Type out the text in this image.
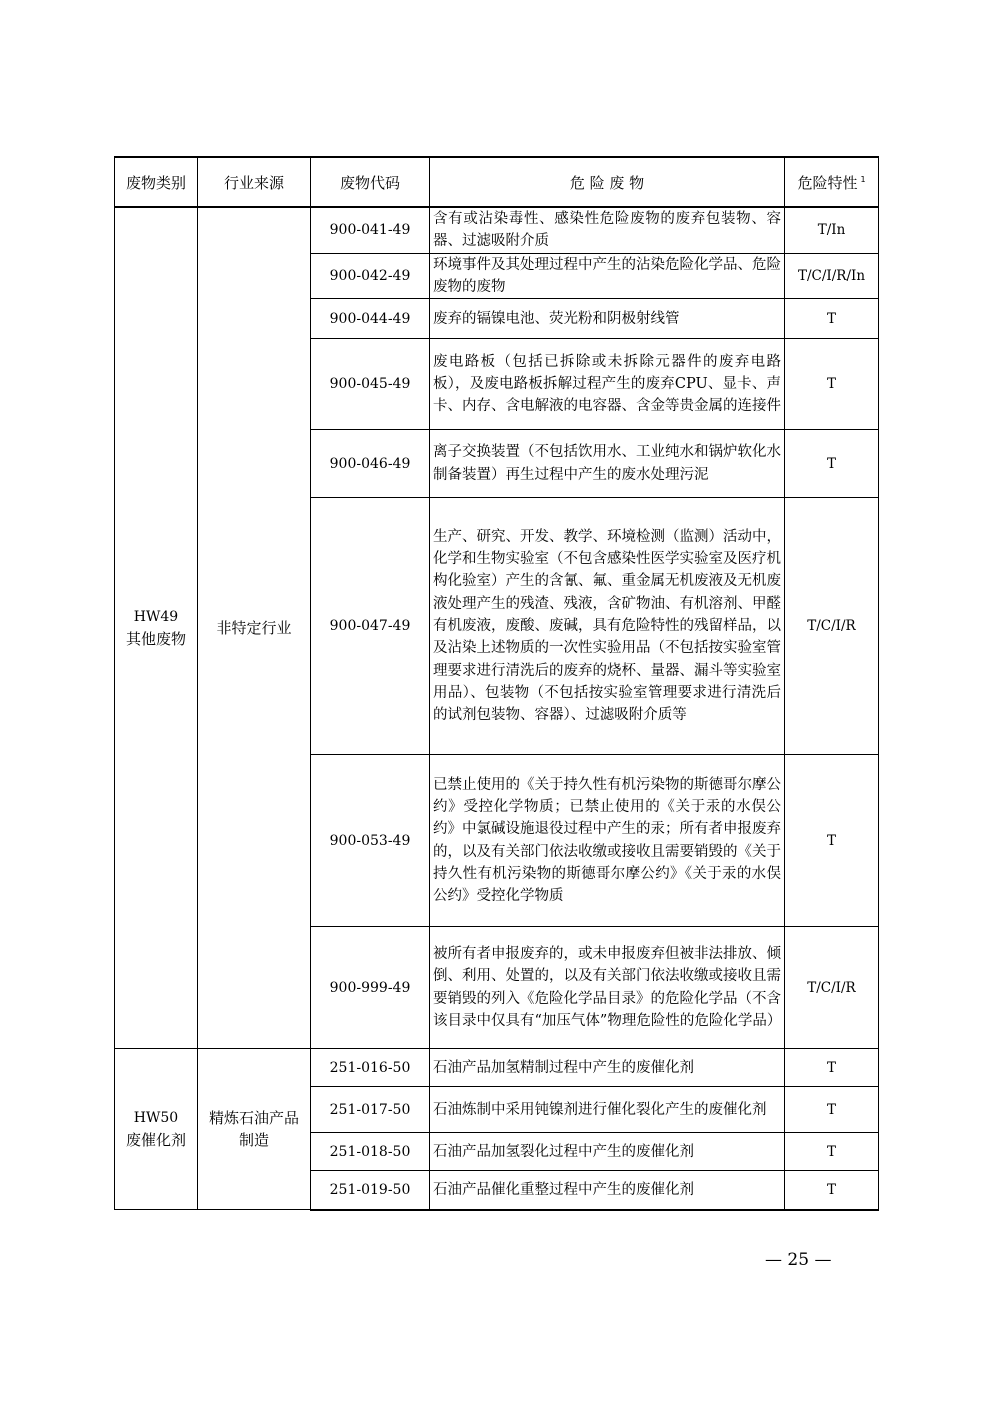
废物类别	行业来源	废物代码	危 险 废 物	危险特性 $^1$

HW49
其他废物	非特定行业	900-041-49	含有或沾染毒性、感染性危险废物的废弃包装物、容器、过滤吸附介质	T/In
		900-042-49	环境事件及其处理过程中产生的沾染危险化学品、危险废物的废物	T/C/I/R/In
		900-044-49	废弃的镉镍电池、荧光粉和阴极射线管	T
		900-045-49	废电路板（包括已拆除或未拆除元器件的废弃电路板），及废电路板拆解过程产生的废弃CPU、显卡、声卡、内存、含电解液的电容器、含金等贵金属的连接件	T
		900-046-49	离子交换装置（不包括饮用水、工业纯水和锅炉软化水制备装置）再生过程中产生的废水处理污泥	T
		900-047-49	生产、研究、开发、教学、环境检测（监测）活动中，化学和生物实验室（不包含感染性医学实验室及医疗机构化验室）产生的含氰、氟、重金属无机废液及无机废液处理产生的残渣、残液，含矿物油、有机溶剂、甲醛有机废液，废酸、废碱，具有危险特性的残留样品，以及沾染上述物质的一次性实验用品（不包括按实验室管理要求进行清洗后的废弃的烧杯、量器、漏斗等实验室用品）、包装物（不包括按实验室管理要求进行清洗后的试剂包装物、容器）、过滤吸附介质等	T/C/I/R
		900-053-49	已禁止使用的《关于持久性有机污染物的斯德哥尔摩公约》受控化学物质；已禁止使用的《关于汞的水俣公约》中氯碱设施退役过程中产生的汞；所有者申报废弃的，以及有关部门依法收缴或接收且需要销毁的《关于持久性有机污染物的斯德哥尔摩公约》《关于汞的水俣公约》受控化学物质	T
		900-999-49	被所有者申报废弃的，或未申报废弃但被非法排放、倾倒、利用、处置的，以及有关部门依法收缴或接收且需要销毁的列入《危险化学品目录》的危险化学品（不含该目录中仅具有“加压气体”物理危险性的危险化学品）	T/C/I/R

HW50
废催化剂	精炼石油产品制造	251-016-50	石油产品加氢精制过程中产生的废催化剂	T
		251-017-50	石油炼制中采用钝镍剂进行催化裂化产生的废催化剂	T
		251-018-50	石油产品加氢裂化过程中产生的废催化剂	T
		251-019-50	石油产品催化重整过程中产生的废催化剂	T
— 25 —
